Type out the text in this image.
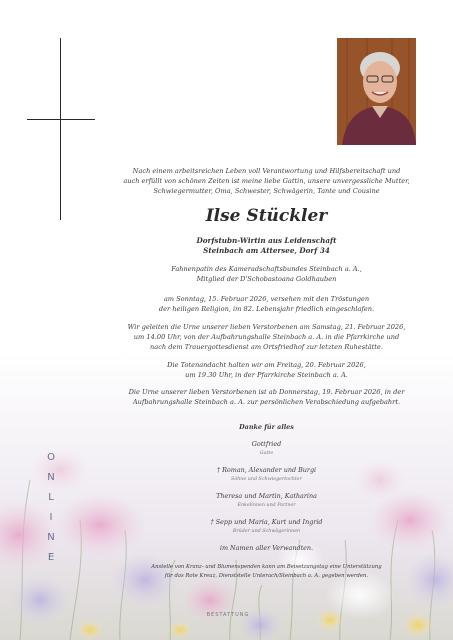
O
N
L
I
N
E
Nach einem arbeitsreichen Leben voll Verantwortung und Hilfsbereitschaft und
auch erfüllt von schönen Zeiten ist meine liebe Gattin, unsere unvergessliche Mutter,
Schwiegermutter, Oma, Schwester, Schwägerin, Tante und Cousine
Ilse Stückler
Dorfstubn-Wirtin aus Leidenschaft
Steinbach am Attersee, Dorf 34
Fahnenpatin des Kameradschaftsbundes Steinbach a. A.,
Mitglied der D'Schobastoana Goldhauben
am Sonntag, 15. Februar 2026, versehen mit den Tröstungen
der heiligen Religion, im 82. Lebensjahr friedlich eingeschlafen.
Wir geleiten die Urne unserer lieben Verstorbenen am Samstag, 21. Februar 2026,
um 14.00 Uhr, von der Aufbahrungshalle Steinbach a. A. in die Pfarrkirche und
nach dem Trauergottesdienst am Ortsfriedhof zur letzten Ruhestätte.
Die Totenandacht halten wir am Freitag, 20. Februar 2026,
um 19.30 Uhr, in der Pfarrkirche Steinbach a. A.
Die Urne unserer lieben Verstorbenen ist ab Donnerstag, 19. Februar 2026, in der
Aufbahrungshalle Steinbach a. A. zur persönlichen Verabschiedung aufgebahrt.
Danke für alles
Gottfried
Gatte
† Roman, Alexander und Burgi
Söhne und Schwiegertochter
Theresa und Martin, Katharina
Enkelinnen und Partner
† Sepp und Maria, Kurt und Ingrid
Brüder und Schwägerinnen
im Namen aller Verwandten.
Anstelle von Kranz- und Blumenspenden kann am Beisetzungstag eine Unterstützung
für das Rote Kreuz, Dienststelle Unterach/Steinbach a. A. gegeben werden.
BESTATTUNG
